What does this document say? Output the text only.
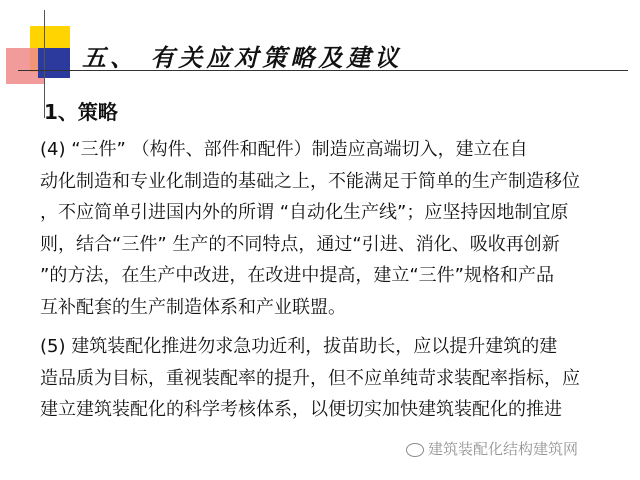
五、 有关应对策略及建议
1、策略
(4) “三件” （构件、部件和配件）制造应高端切入，建立在自
动化制造和专业化制造的基础之上，不能满足于简单的生产制造移位
，不应简单引进国内外的所谓 “自动化生产线”；应坚持因地制宜原
则，结合“三件” 生产的不同特点，通过“引进、消化、吸收再创新
”的方法，在生产中改进，在改进中提高，建立“三件”规格和产品
互补配套的生产制造体系和产业联盟。
(5) 建筑装配化推进勿求急功近利，拔苗助长，应以提升建筑的建
造品质为目标，重视装配率的提升，但不应单纯苛求装配率指标，应
建立建筑装配化的科学考核体系，以便切实加快建筑装配化的推进
建筑装配化结构建筑网
